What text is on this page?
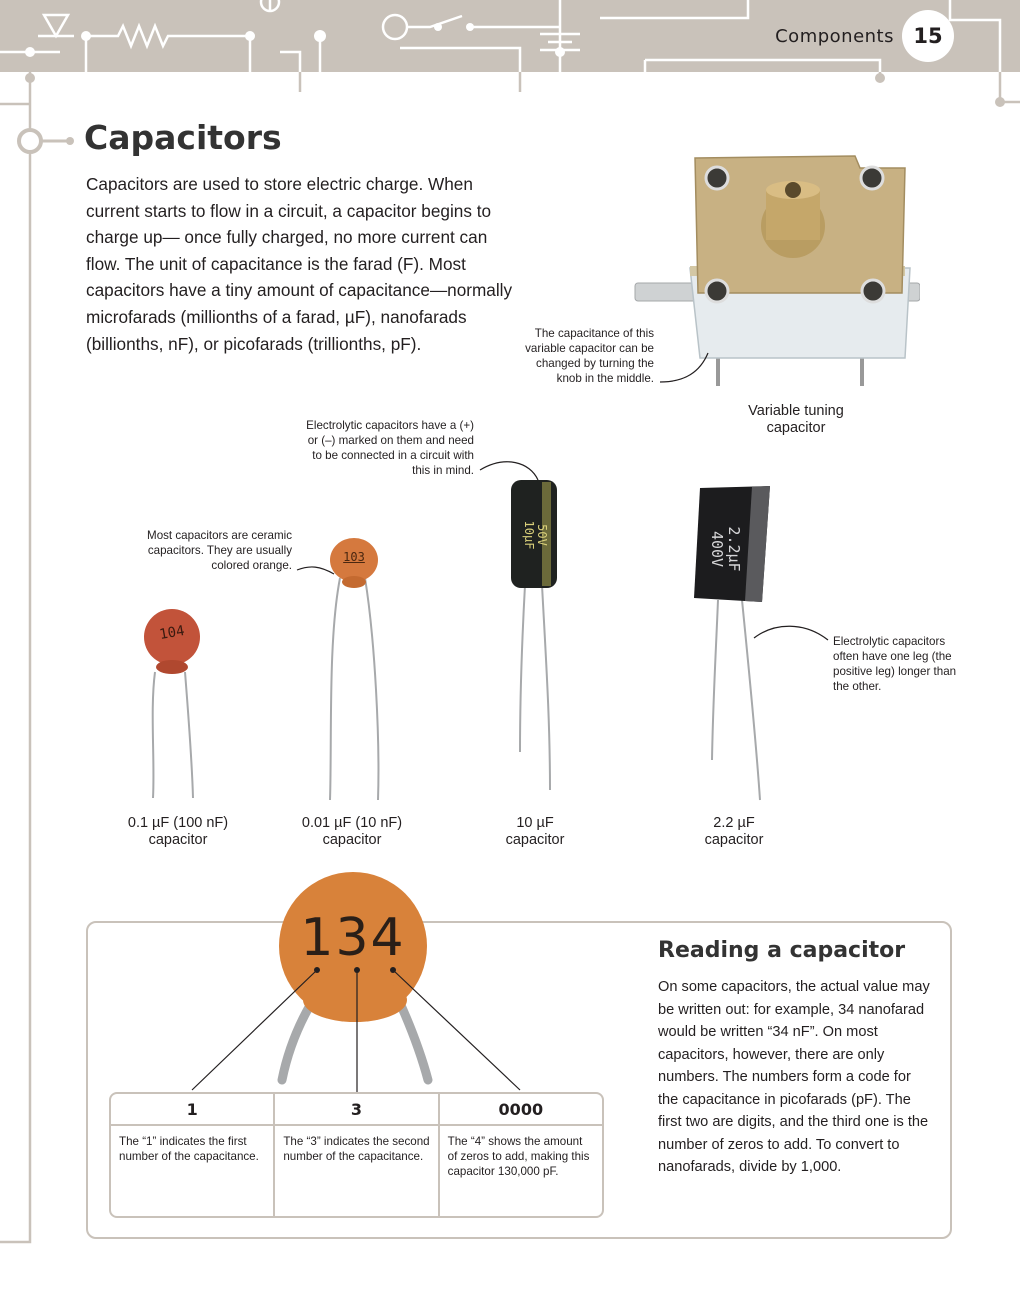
Components 15
Capacitors
Capacitors are used to store electric charge. When current starts to flow in a circuit, a capacitor begins to charge up— once fully charged, no more current can flow. The unit of capacitance is the farad (F). Most capacitors have a tiny amount of capacitance—normally microfarads (millionths of a farad, µF), nanofarads (billionths, nF), or picofarads (trillionths, pF).
The capacitance of this variable capacitor can be changed by turning the knob in the middle.
Variable tuning
capacitor
Electrolytic capacitors have a (+) or (–) marked on them and need to be connected in a circuit with this in mind.
Most capacitors are ceramic capacitors. They are usually colored orange.
Electrolytic capacitors often have one leg (the positive leg) longer than the other.
104
103
50V
10µF	2.2µF
400V
0.1 µF (100 nF)
capacitor
0.01 µF (10 nF)
capacitor
10 µF
capacitor
2.2 µF
capacitor
134
1
The “1” indicates the first number of the capacitance.
3
The “3” indicates the second number of the capacitance.
0000
The “4” shows the amount of zeros to add, making this capacitor 130,000 pF.
Reading a capacitor
On some capacitors, the actual value may be written out: for example, 34 nanofarad would be written “34 nF”. On most capacitors, however, there are only numbers. The numbers form a code for the capacitance in picofarads (pF). The first two are digits, and the third one is the number of zeros to add. To convert to nanofarads, divide by 1,000.
